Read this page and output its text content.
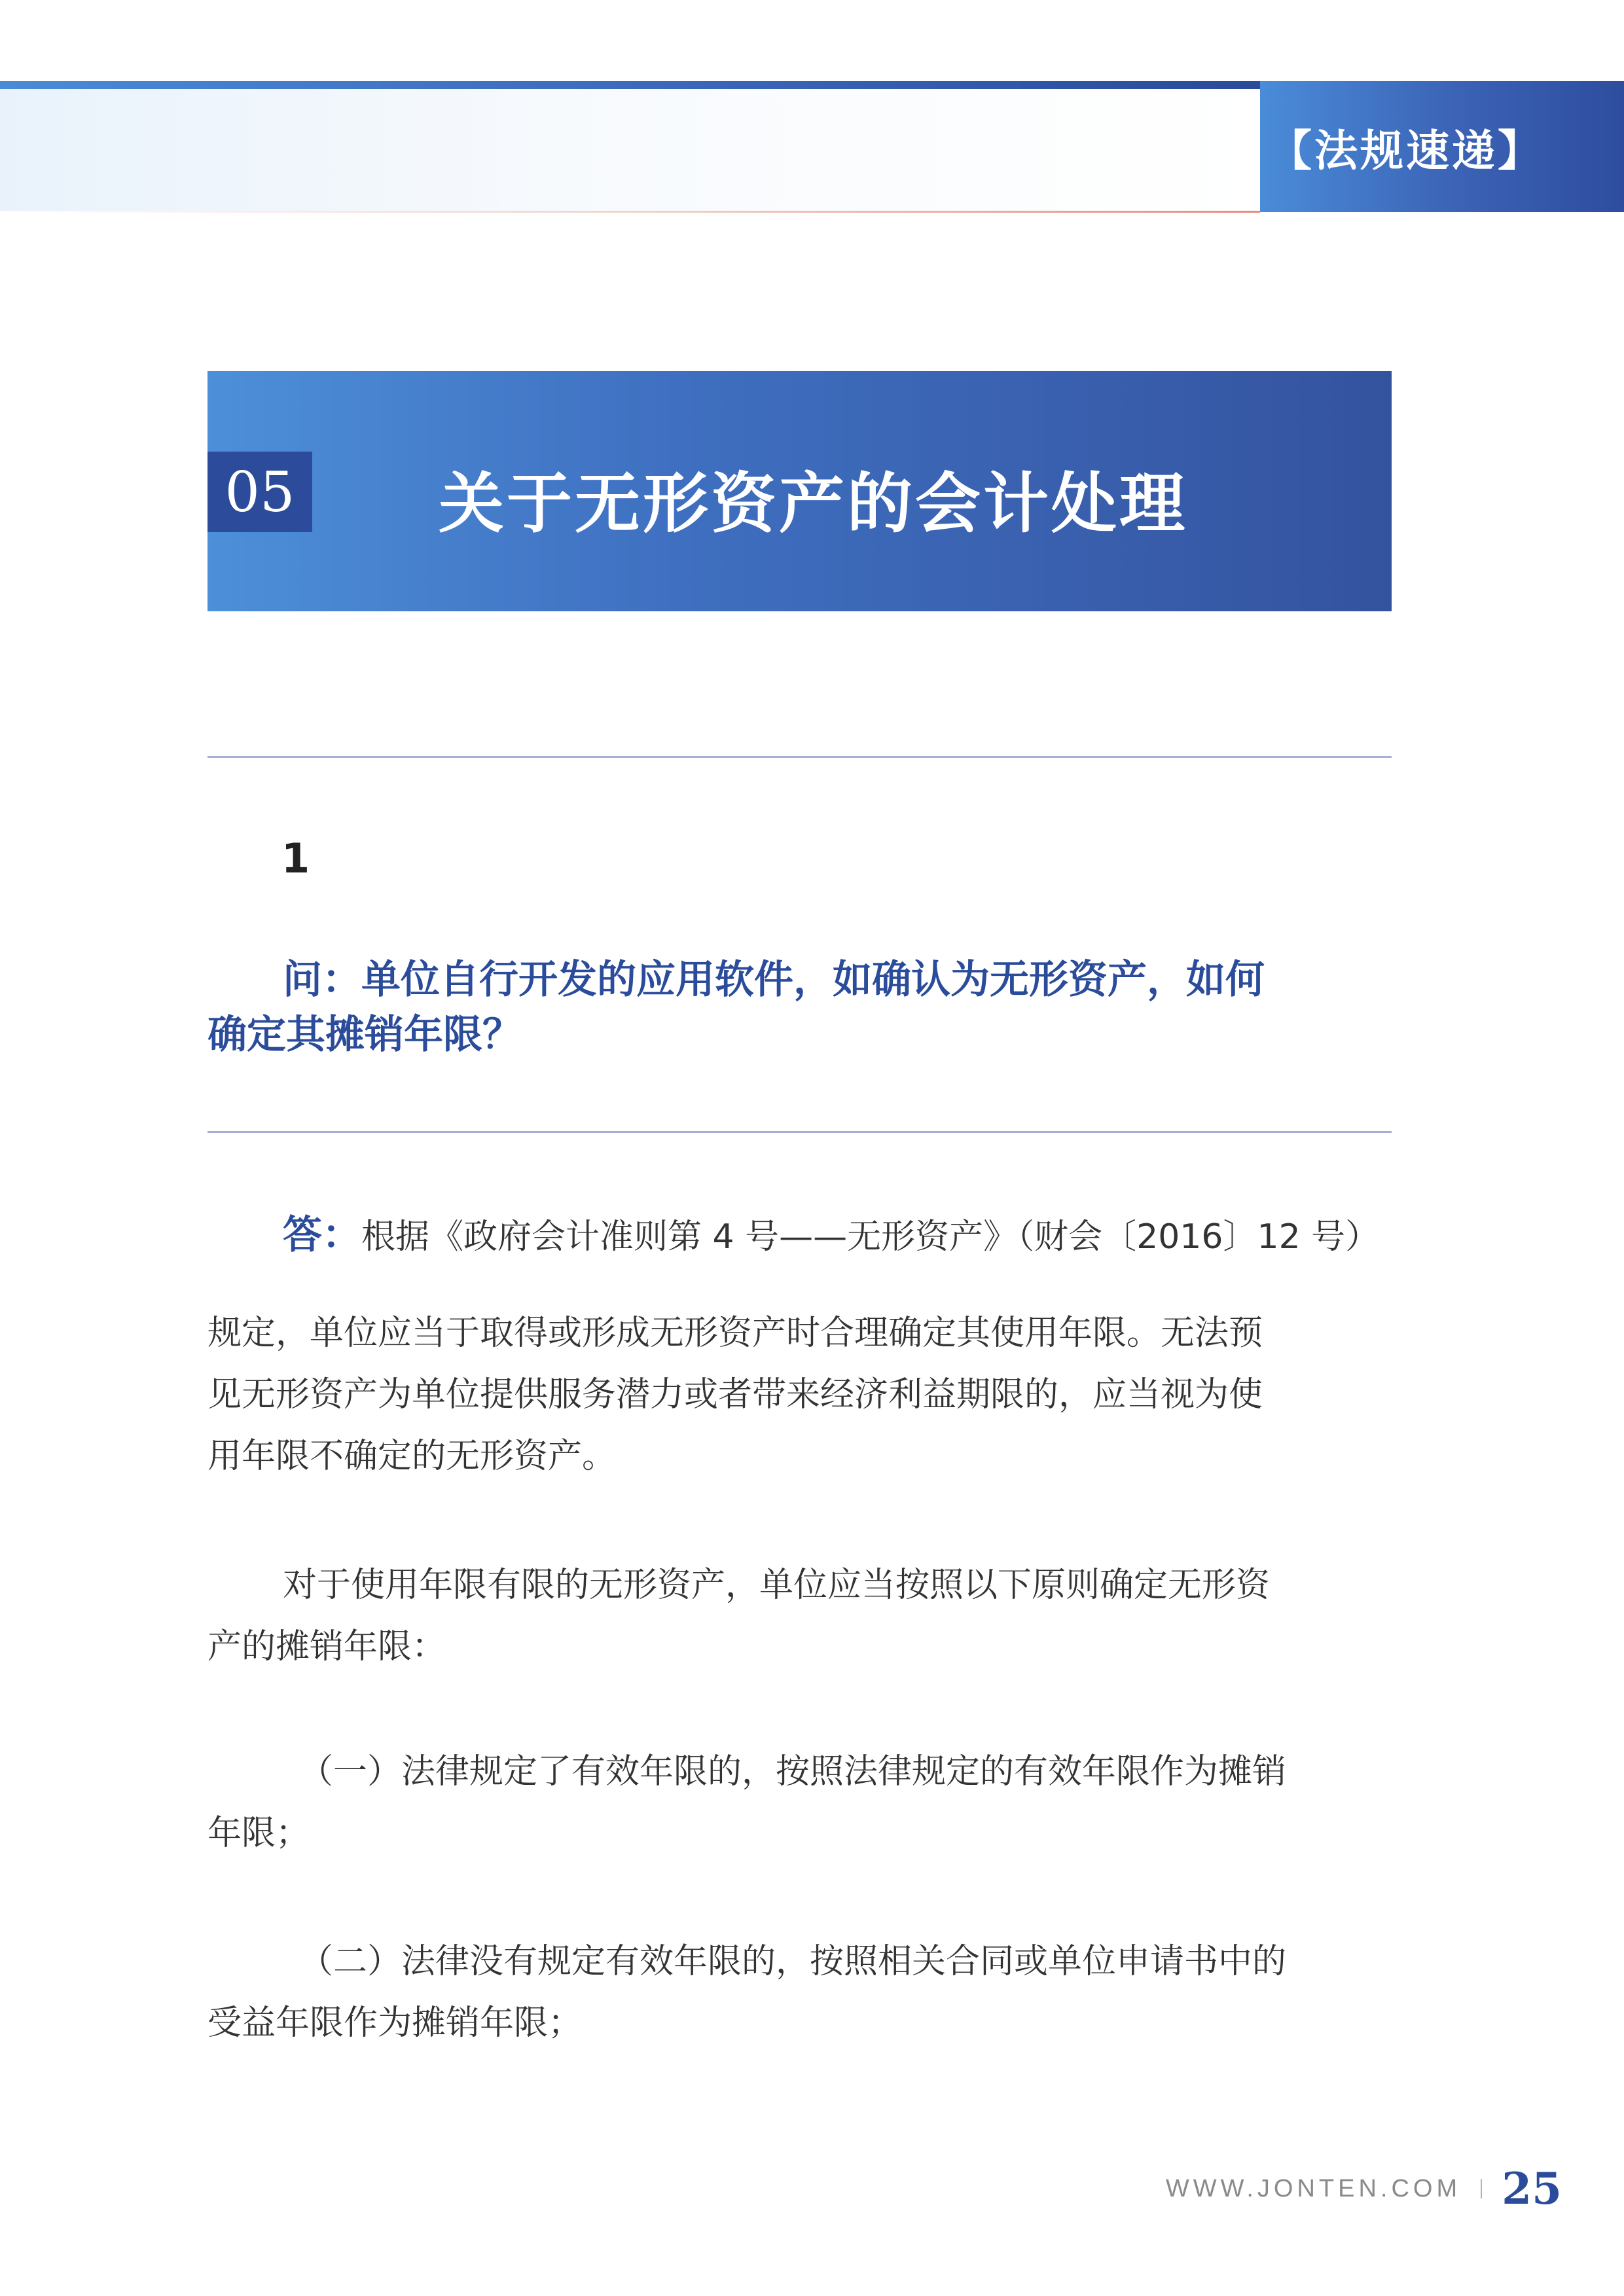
【法规速递】
05 关于无形资产的会计处理
1
问：单位自行开发的应用软件，如确认为无形资产，如何
确定其摊销年限？
答：根据《政府会计准则第 4 号——无形资产》（财会〔2016〕12 号）
规定，单位应当于取得或形成无形资产时合理确定其使用年限。无法预
见无形资产为单位提供服务潜力或者带来经济利益期限的，应当视为使
用年限不确定的无形资产。
对于使用年限有限的无形资产，单位应当按照以下原则确定无形资
产的摊销年限：
（一）法律规定了有效年限的，按照法律规定的有效年限作为摊销
年限；
（二）法律没有规定有效年限的，按照相关合同或单位申请书中的
受益年限作为摊销年限；
WWW.JONTEN.COM 25
